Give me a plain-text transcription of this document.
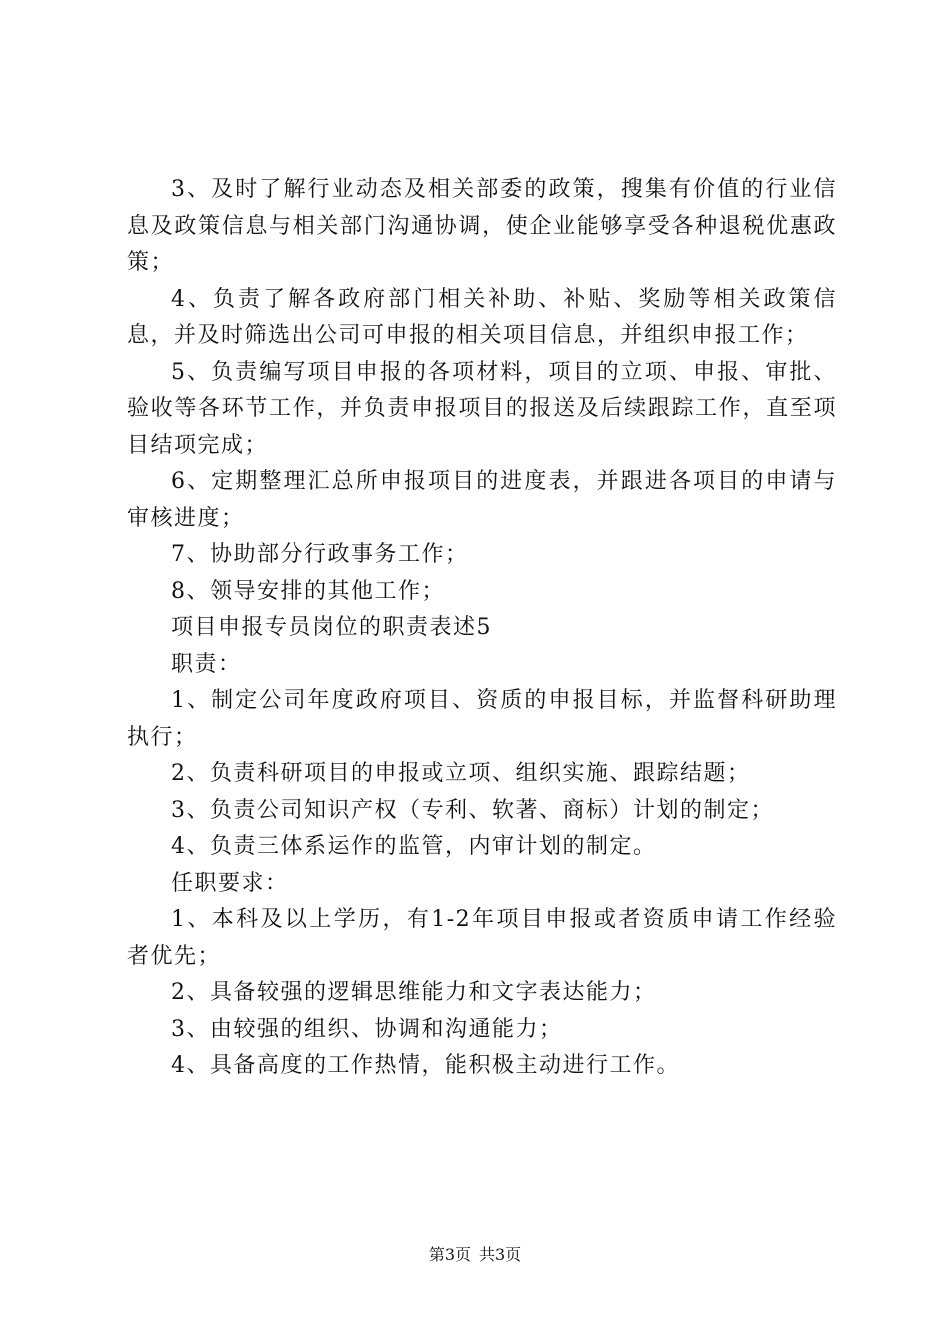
3、及时了解行业动态及相关部委的政策，搜集有价值的行业信息及政策信息与相关部门沟通协调，使企业能够享受各种退税优惠政策；

4、负责了解各政府部门相关补助、补贴、奖励等相关政策信息，并及时筛选出公司可申报的相关项目信息，并组织申报工作；

5、负责编写项目申报的各项材料，项目的立项、申报、审批、验收等各环节工作，并负责申报项目的报送及后续跟踪工作，直至项目结项完成；

6、定期整理汇总所申报项目的进度表，并跟进各项目的申请与审核进度；

7、协助部分行政事务工作；

8、领导安排的其他工作；

项目申报专员岗位的职责表述5

职责：

1、制定公司年度政府项目、资质的申报目标，并监督科研助理执行；

2、负责科研项目的申报或立项、组织实施、跟踪结题；

3、负责公司知识产权（专利、软著、商标）计划的制定；

4、负责三体系运作的监管，内审计划的制定。

任职要求：

1、本科及以上学历，有1-2年项目申报或者资质申请工作经验者优先；

2、具备较强的逻辑思维能力和文字表达能力；

3、由较强的组织、协调和沟通能力；

4、具备高度的工作热情，能积极主动进行工作。

第3页 共3页
